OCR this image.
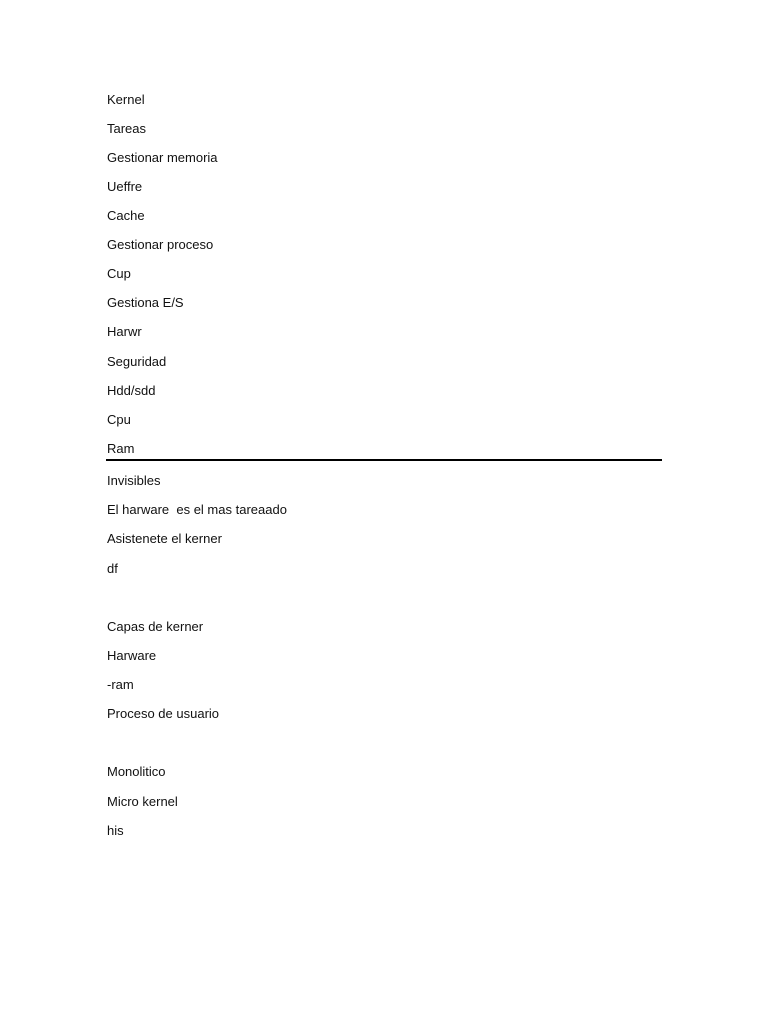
Kernel
Tareas
Gestionar memoria
Ueffre
Cache
Gestionar proceso
Cup
Gestiona E/S
Harwr
Seguridad
Hdd/sdd
Cpu
Ram
Invisibles
El harware  es el mas tareaado
Asistenete el kerner
df
Capas de kerner
Harware
-ram
Proceso de usuario
Monolitico
Micro kernel
his
